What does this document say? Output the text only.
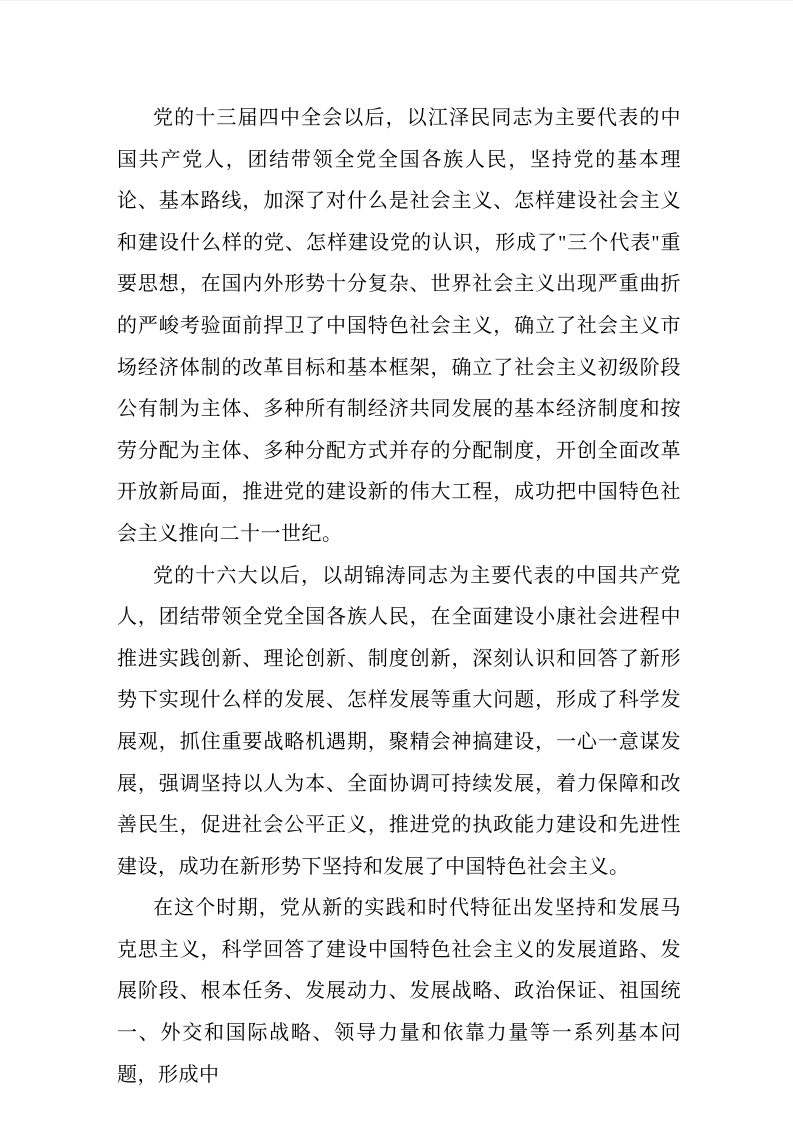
党的十三届四中全会以后，以江泽民同志为主要代表的中国共产党人，团结带领全党全国各族人民，坚持党的基本理论、基本路线，加深了对什么是社会主义、怎样建设社会主义和建设什么样的党、怎样建设党的认识，形成了"三个代表"重要思想，在国内外形势十分复杂、世界社会主义出现严重曲折的严峻考验面前捍卫了中国特色社会主义，确立了社会主义市场经济体制的改革目标和基本框架，确立了社会主义初级阶段公有制为主体、多种所有制经济共同发展的基本经济制度和按劳分配为主体、多种分配方式并存的分配制度，开创全面改革开放新局面，推进党的建设新的伟大工程，成功把中国特色社会主义推向二十一世纪。

党的十六大以后，以胡锦涛同志为主要代表的中国共产党人，团结带领全党全国各族人民，在全面建设小康社会进程中推进实践创新、理论创新、制度创新，深刻认识和回答了新形势下实现什么样的发展、怎样发展等重大问题，形成了科学发展观，抓住重要战略机遇期，聚精会神搞建设，一心一意谋发展，强调坚持以人为本、全面协调可持续发展，着力保障和改善民生，促进社会公平正义，推进党的执政能力建设和先进性建设，成功在新形势下坚持和发展了中国特色社会主义。

在这个时期，党从新的实践和时代特征出发坚持和发展马克思主义，科学回答了建设中国特色社会主义的发展道路、发展阶段、根本任务、发展动力、发展战略、政治保证、祖国统一、外交和国际战略、领导力量和依靠力量等一系列基本问题，形成中
